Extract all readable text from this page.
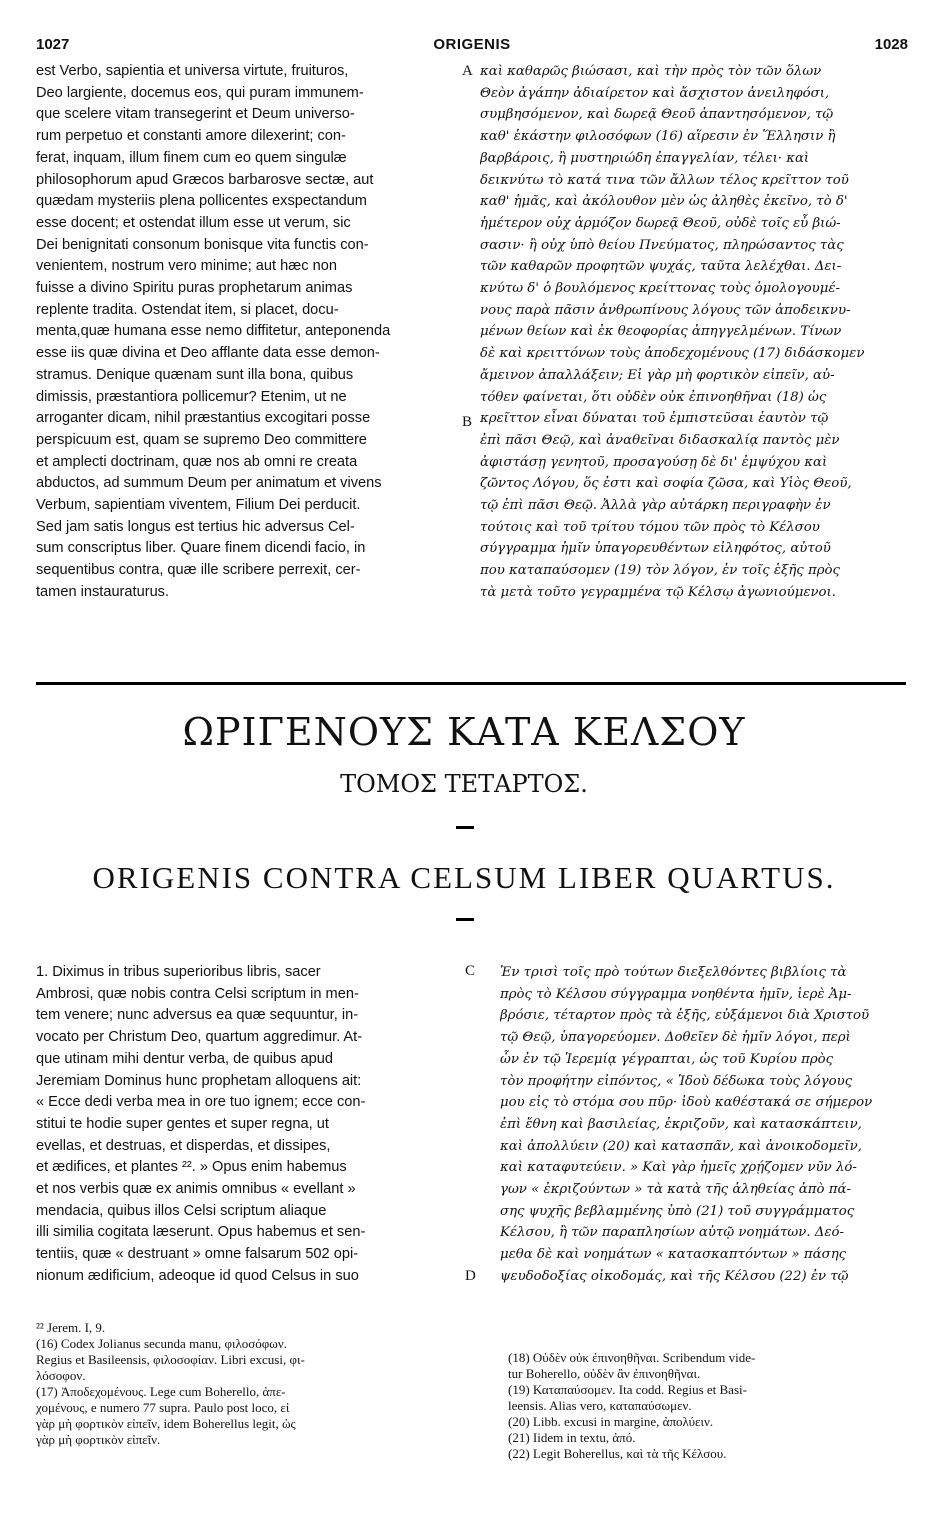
1027	ORIGENIS	1028
est Verbo, sapientia et universa virtute, fruituros,
Deo largiente, docemus eos, qui puram immunem-
que scelere vitam transegerint et Deum universo-
rum perpetuo et constanti amore dilexerint; con-
ferat, inquam, illum finem cum eo quem singulæ
philosophorum apud Græcos barbarosve sectæ, aut
quædam mysteriis plena pollicentes exspectandum
esse docent; et ostendat illum esse ut verum, sic
Dei benignitati consonum bonisque vita functis con-
venientem, nostrum vero minime; aut hæc non
fuisse a divino Spiritu puras prophetarum animas
replente tradita. Ostendat item, si placet, docu-
menta,quæ humana esse nemo diffitetur, anteponenda
esse iis quæ divina et Deo afflante data esse demon-
stramus. Denique quænam sunt illa bona, quibus
dimissis, præstantiora pollicemur? Etenim, ut ne
arroganter dicam, nihil præstantius excogitari posse
perspicuum est, quam se supremo Deo committere
et amplecti doctrinam, quæ nos ab omni re creata
abductos, ad summum Deum per animatum et vivens
Verbum, sapientiam viventem, Filium Dei perducit.
Sed jam satis longus est tertius hic adversus Cel-
sum conscriptus liber. Quare finem dicendi facio, in
sequentibus contra, quæ ille scribere perrexit, cer-
tamen instauraturus.
καὶ καθαρῶς βιώσασι, καὶ τὴν πρὸς τὸν τῶν ὅλων
Θεὸν ἀγάπην ἀδιαίρετον καὶ ἄσχιστον ἀνειληφόσι,
συμβησόμενον, καὶ δωρεᾷ Θεοῦ ἀπαντησόμενον, τῷ
καθ' ἑκάστην φιλοσόφων (16) αἵρεσιν ἐν Ἕλλησιν ἢ
βαρβάροις, ἢ μυστηριώδη ἐπαγγελίαν, τέλει· καὶ
δεικνύτω τὸ κατά τινα τῶν ἄλλων τέλος κρεῖττον τοῦ
καθ' ἡμᾶς, καὶ ἀκόλουθον μὲν ὡς ἀληθὲς ἐκεῖνο, τὸ δ'
ἡμέτερον οὐχ ἁρμόζον δωρεᾷ Θεοῦ, οὐδὲ τοῖς εὖ βιώ-
σασιν· ἢ οὐχ ὑπὸ θείου Πνεύματος, πληρώσαντος τὰς
τῶν καθαρῶν προφητῶν ψυχάς, ταῦτα λελέχθαι. Δει-
κνύτω δ' ὁ βουλόμενος κρείττονας τοὺς ὁμολογουμέ-
νους παρὰ πᾶσιν ἀνθρωπίνους λόγους τῶν ἀποδεικνυ-
μένων θείων καὶ ἐκ θεοφορίας ἀπηγγελμένων. Τίνων
δὲ καὶ κρειττόνων τοὺς ἀποδεχομένους (17) διδάσκομεν
ἄμεινον ἀπαλλάξειν; Εἰ γὰρ μὴ φορτικὸν εἰπεῖν, αὐ-
τόθεν φαίνεται, ὅτι οὐδὲν οὐκ ἐπινοηθῆναι (18) ὡς
κρεῖττον εἶναι δύναται τοῦ ἐμπιστεῦσαι ἑαυτὸν τῷ
ἐπὶ πᾶσι Θεῷ, καὶ ἀναθεῖναι διδασκαλίᾳ παντὸς μὲν
ἀφιστάσῃ γενητοῦ, προσαγούσῃ δὲ δι' ἐμψύχου καὶ
ζῶντος Λόγου, ὅς ἐστι καὶ σοφία ζῶσα, καὶ Υἱὸς Θεοῦ,
τῷ ἐπὶ πᾶσι Θεῷ. Ἀλλὰ γὰρ αὐτάρκη περιγραφὴν ἐν
τούτοις καὶ τοῦ τρίτου τόμου τῶν πρὸς τὸ Κέλσου
σύγγραμμα ἡμῖν ὑπαγορευθέντων εἰληφότος, αὐτοῦ
που καταπαύσομεν (19) τὸν λόγον, ἐν τοῖς ἑξῆς πρὸς
τὰ μετὰ τοῦτο γεγραμμένα τῷ Κέλσῳ ἀγωνιούμενοι.
A
B
ΩΡΙΓΕΝΟΥΣ ΚΑΤΑ ΚΕΛΣΟΥ
ΤΟΜΟΣ ΤΕΤΑΡΤΟΣ.
ORIGENIS CONTRA CELSUM LIBER QUARTUS.
1. Diximus in tribus superioribus libris, sacer
Ambrosi, quæ nobis contra Celsi scriptum in men-
tem venere; nunc adversus ea quæ sequuntur, in-
vocato per Christum Deo, quartum aggredimur. At-
que utinam mihi dentur verba, de quibus apud
Jeremiam Dominus hunc prophetam alloquens ait:
« Ecce dedi verba mea in ore tuo ignem; ecce con-
stitui te hodie super gentes et super regna, ut
evellas, et destruas, et disperdas, et dissipes,
et ædifices, et plantes ²². » Opus enim habemus
et nos verbis quæ ex animis omnibus « evellant »
mendacia, quibus illos Celsi scriptum aliaque
illi similia cogitata læserunt. Opus habemus et sen-
tentiis, quæ « destruant » omne falsarum 502 opi-
nionum ædificium, adeoque id quod Celsus in suo
Ἐν τρισὶ τοῖς πρὸ τούτων διεξελθόντες βιβλίοις τὰ
πρὸς τὸ Κέλσου σύγγραμμα νοηθέντα ἡμῖν, ἱερὲ Ἀμ-
βρόσιε, τέταρτον πρὸς τὰ ἑξῆς, εὐξάμενοι διὰ Χριστοῦ
τῷ Θεῷ, ὑπαγορεύομεν. Δοθεῖεν δὲ ἡμῖν λόγοι, περὶ
ὧν ἐν τῷ Ἱερεμίᾳ γέγραπται, ὡς τοῦ Κυρίου πρὸς
τὸν προφήτην εἰπόντος, « Ἰδοὺ δέδωκα τοὺς λόγους
μου εἰς τὸ στόμα σου πῦρ· ἰδοὺ καθέστακά σε σήμερον
ἐπὶ ἔθνη καὶ βασιλείας, ἐκριζοῦν, καὶ κατασκάπτειν,
καὶ ἀπολλύειν (20) καὶ κατασπᾶν, καὶ ἀνοικοδομεῖν,
καὶ καταφυτεύειν. » Καὶ γὰρ ἡμεῖς χρῄζομεν νῦν λό-
γων « ἐκριζούντων » τὰ κατὰ τῆς ἀληθείας ἀπὸ πά-
σης ψυχῆς βεβλαμμένης ὑπὸ (21) τοῦ συγγράμματος
Κέλσου, ἢ τῶν παραπλησίων αὐτῷ νοημάτων. Δεό-
μεθα δὲ καὶ νοημάτων « κατασκαπτόντων » πάσης
ψευδοδοξίας οἰκοδομάς, καὶ τῆς Κέλσου (22) ἐν τῷ
C
D
²² Jerem. I, 9.
(16) Codex Jolianus secunda manu, φιλοσόφων.
Regius et Basileensis, φιλοσοφίαν. Libri excusi, φι-
λόσοφον.
(17) Ἀποδεχομένους. Lege cum Boherello, ἀπε-
χομένους, e numero 77 supra. Paulo post loco, εἰ
γὰρ μὴ φορτικὸν εἰπεῖν, idem Boherellus legit, ὡς
γὰρ μὴ φορτικὸν εἰπεῖν.
(18) Οὐδὲν οὐκ ἐπινοηθῆναι. Scribendum vide-
tur Boherello, οὐδὲν ἂν ἐπινοηθῆναι.
(19) Καταπαύσομεν. Ita codd. Regius et Basi-
leensis. Alias vero, καταπαύσωμεν.
(20) Libb. excusi in margine, ἀπολύειν.
(21) Iidem in textu, ἀπό.
(22) Legit Boherellus, καὶ τὰ τῆς Κέλσου.
